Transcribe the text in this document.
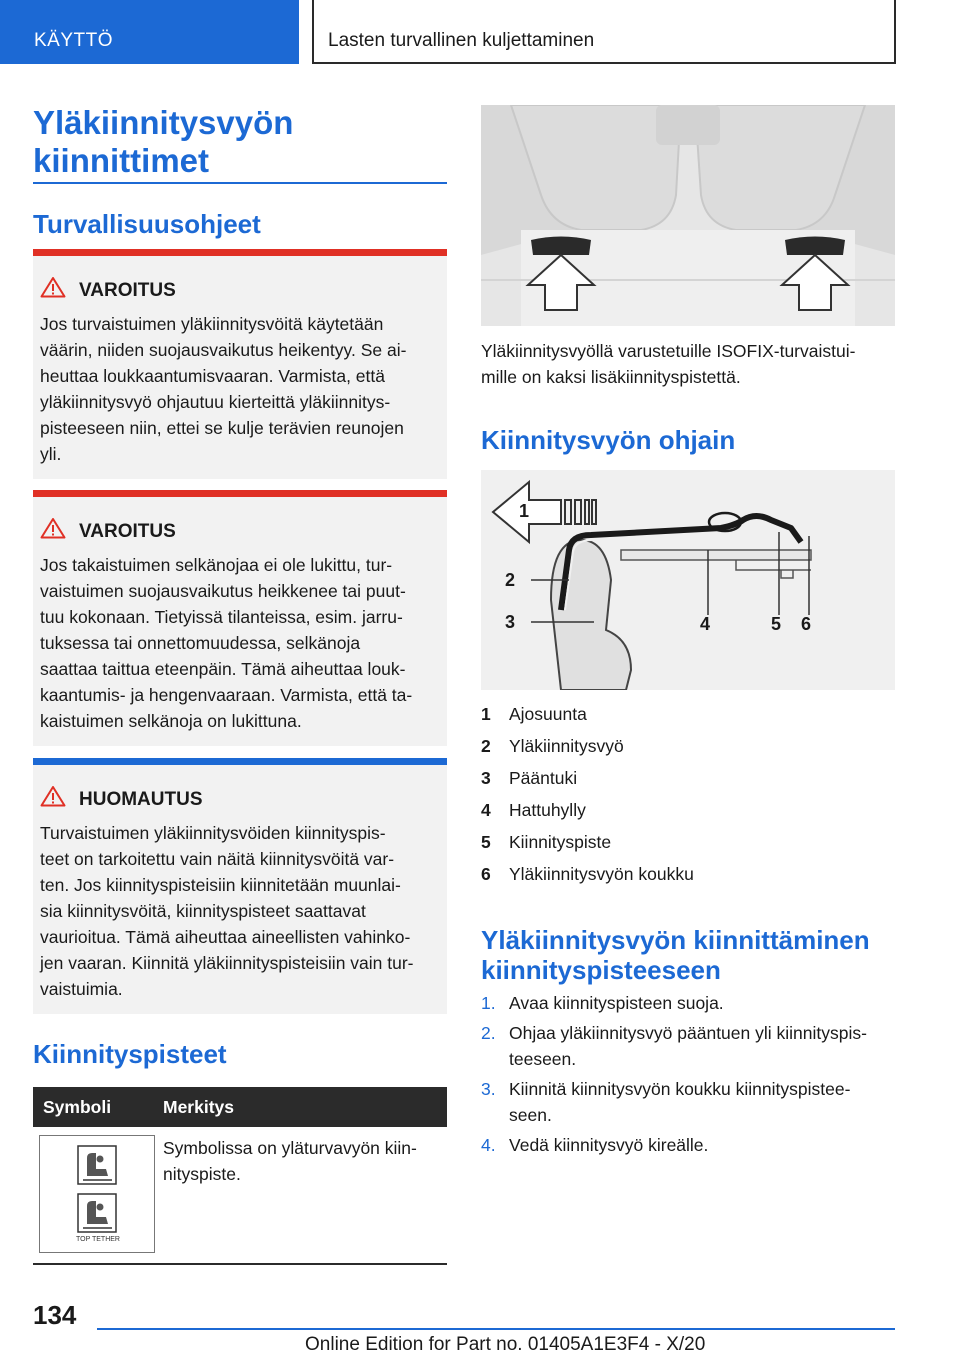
KÄYTTÖ	Lasten turvallinen kuljettaminen
Yläkiinnitysvyön kiinnittimet
Turvallisuusohjeet
VAROITUS
Jos turvaistuimen yläkiinnitysvöitä käytetään
väärin, niiden suojausvaikutus heikentyy. Se ai-
heuttaa loukkaantumisvaaran. Varmista, että
yläkiinnitysvyö ohjautuu kierteittä yläkiinnitys-
pisteeseen niin, ettei se kulje terävien reunojen
yli.
VAROITUS
Jos takaistuimen selkänojaa ei ole lukittu, tur-
vaistuimen suojausvaikutus heikkenee tai puut-
tuu kokonaan. Tietyissä tilanteissa, esim. jarru-
tuksessa tai onnettomuudessa, selkänoja
saattaa taittua eteenpäin. Tämä aiheuttaa louk-
kaantumis- ja hengenvaaraan. Varmista, että ta-
kaistuimen selkänoja on lukittuna.
HUOMAUTUS
Turvaistuimen yläkiinnitysvöiden kiinnityspis-
teet on tarkoitettu vain näitä kiinnitysvöitä var-
ten. Jos kiinnityspisteisiin kiinnitetään muunlai-
sia kiinnitysvöitä, kiinnityspisteet saattavat
vaurioitua. Tämä aiheuttaa aineellisten vahinko-
jen vaaran. Kiinnitä yläkiinnityspisteisiin vain tur-
vaistuimia.
Kiinnityspisteet
Symboli	Merkitys
TOP TETHER
Symbolissa on yläturvavyön kiin-
nityspiste.
Yläkiinnitysvyöllä varustetuille ISOFIX-turvaistui-
mille on kaksi lisäkiinnityspistettä.
Kiinnitysvyön ohjain
1
2
3	4	5 6
1 Ajosuunta
2 Yläkiinnitysvyö
3 Pääntuki
4 Hattuhylly
5 Kiinnityspiste
6 Yläkiinnitysvyön koukku
Yläkiinnitysvyön kiinnittäminen
kiinnityspisteeseen
1. Avaa kiinnityspisteen suoja.
2. Ohjaa yläkiinnitysvyö pääntuen yli kiinnityspis-
teeseen.
3. Kiinnitä kiinnitysvyön koukku kiinnityspistee-
seen.
4. Vedä kiinnitysvyö kireälle.
134
Online Edition for Part no. 01405A1E3F4 - X/20
